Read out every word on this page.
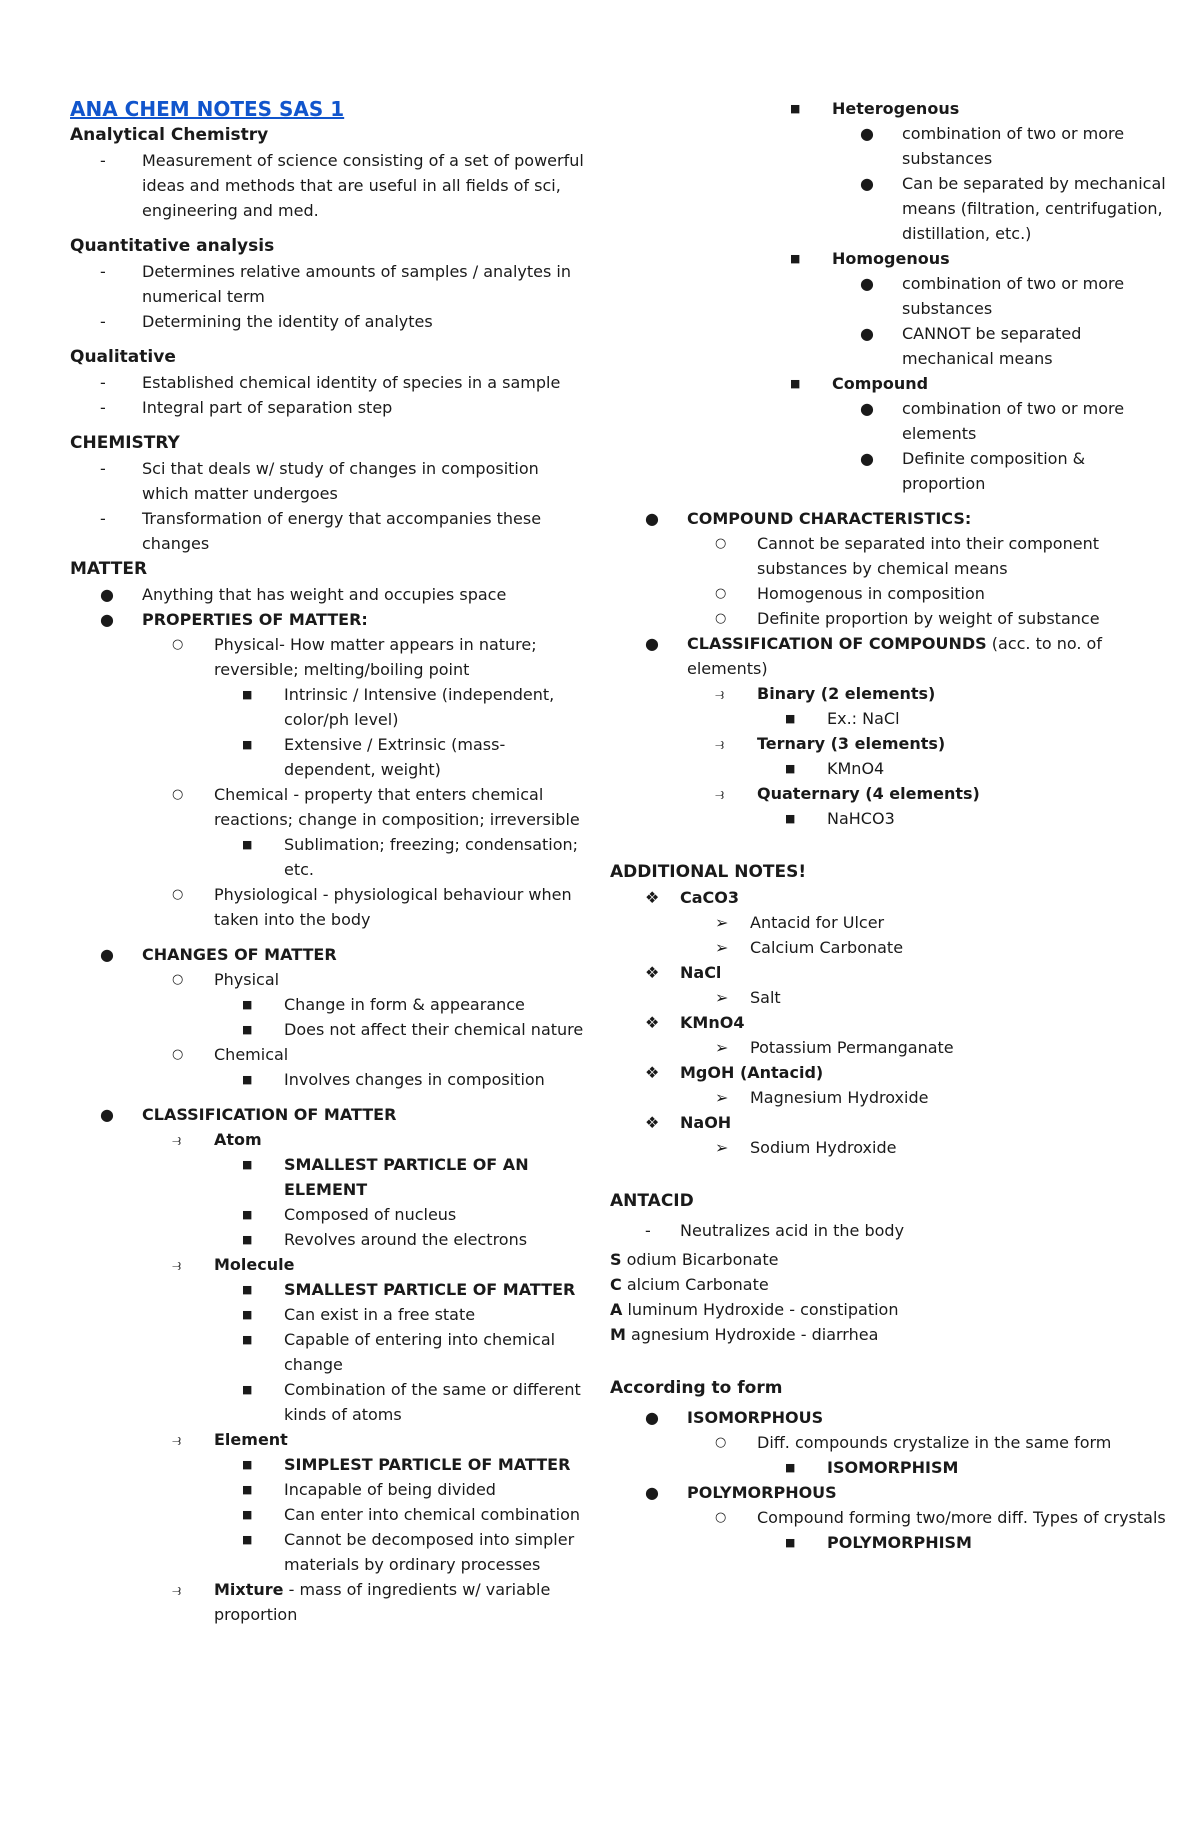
ANA CHEM NOTES SAS 1
Analytical Chemistry
-	Measurement of science consisting of a set of powerful ideas and methods that are useful in all fields of sci, engineering and med.
Quantitative analysis
-	Determines relative amounts of samples / analytes in numerical term
-	Determining the identity of analytes
Qualitative
-	Established chemical identity of species in a sample
-	Integral part of separation step
CHEMISTRY
-	Sci that deals w/ study of changes in composition which matter undergoes
-	Transformation of energy that accompanies these changes
MATTER
●	Anything that has weight and occupies space
●	PROPERTIES OF MATTER:
○	Physical- How matter appears in nature; reversible; melting/boiling point
■	Intrinsic / Intensive (independent, color/ph level)
■	Extensive / Extrinsic (mass-dependent, weight)
○	Chemical - property that enters chemical reactions; change in composition; irreversible
■	Sublimation; freezing; condensation; etc.
○	Physiological - physiological behaviour when taken into the body
●	CHANGES OF MATTER
○	Physical
■	Change in form & appearance
■	Does not affect their chemical nature
○	Chemical
■	Involves changes in composition
●	CLASSIFICATION OF MATTER
⥽	Atom
■	SMALLEST PARTICLE OF AN ELEMENT
■	Composed of nucleus
■	Revolves around the electrons
⥽	Molecule
■	SMALLEST PARTICLE OF MATTER
■	Can exist in a free state
■	Capable of entering into chemical change
■	Combination of the same or different kinds of atoms
⥽	Element
■	SIMPLEST PARTICLE OF MATTER
■	Incapable of being divided
■	Can enter into chemical combination
■	Cannot be decomposed into simpler materials by ordinary processes
⥽	Mixture - mass of ingredients w/ variable proportion
■	Heterogenous
●	combination of two or more substances
●	Can be separated by mechanical means (filtration, centrifugation, distillation, etc.)
■	Homogenous
●	combination of two or more substances
●	CANNOT be separated mechanical means
■	Compound
●	combination of two or more elements
●	Definite composition & proportion
●	COMPOUND CHARACTERISTICS:
○	Cannot be separated into their component substances by chemical means
○	Homogenous in composition
○	Definite proportion by weight of substance
●	CLASSIFICATION OF COMPOUNDS (acc. to no. of elements)
⥽	Binary (2 elements)
■	Ex.: NaCl
⥽	Ternary (3 elements)
■	KMnO4
⥽	Quaternary (4 elements)
■	NaHCO3
ADDITIONAL NOTES!
❖	CaCO3
➢	Antacid for Ulcer
➢	Calcium Carbonate
❖	NaCl
➢	Salt
❖	KMnO4
➢	Potassium Permanganate
❖	MgOH (Antacid)
➢	Magnesium Hydroxide
❖	NaOH
➢	Sodium Hydroxide
ANTACID
-	Neutralizes acid in the body
S odium Bicarbonate
C alcium Carbonate
A luminum Hydroxide - constipation
M agnesium Hydroxide - diarrhea
According to form
●	ISOMORPHOUS
○	Diff. compounds crystalize in the same form
■	ISOMORPHISM
●	POLYMORPHOUS
○	Compound forming two/more diff. Types of crystals
■	POLYMORPHISM
